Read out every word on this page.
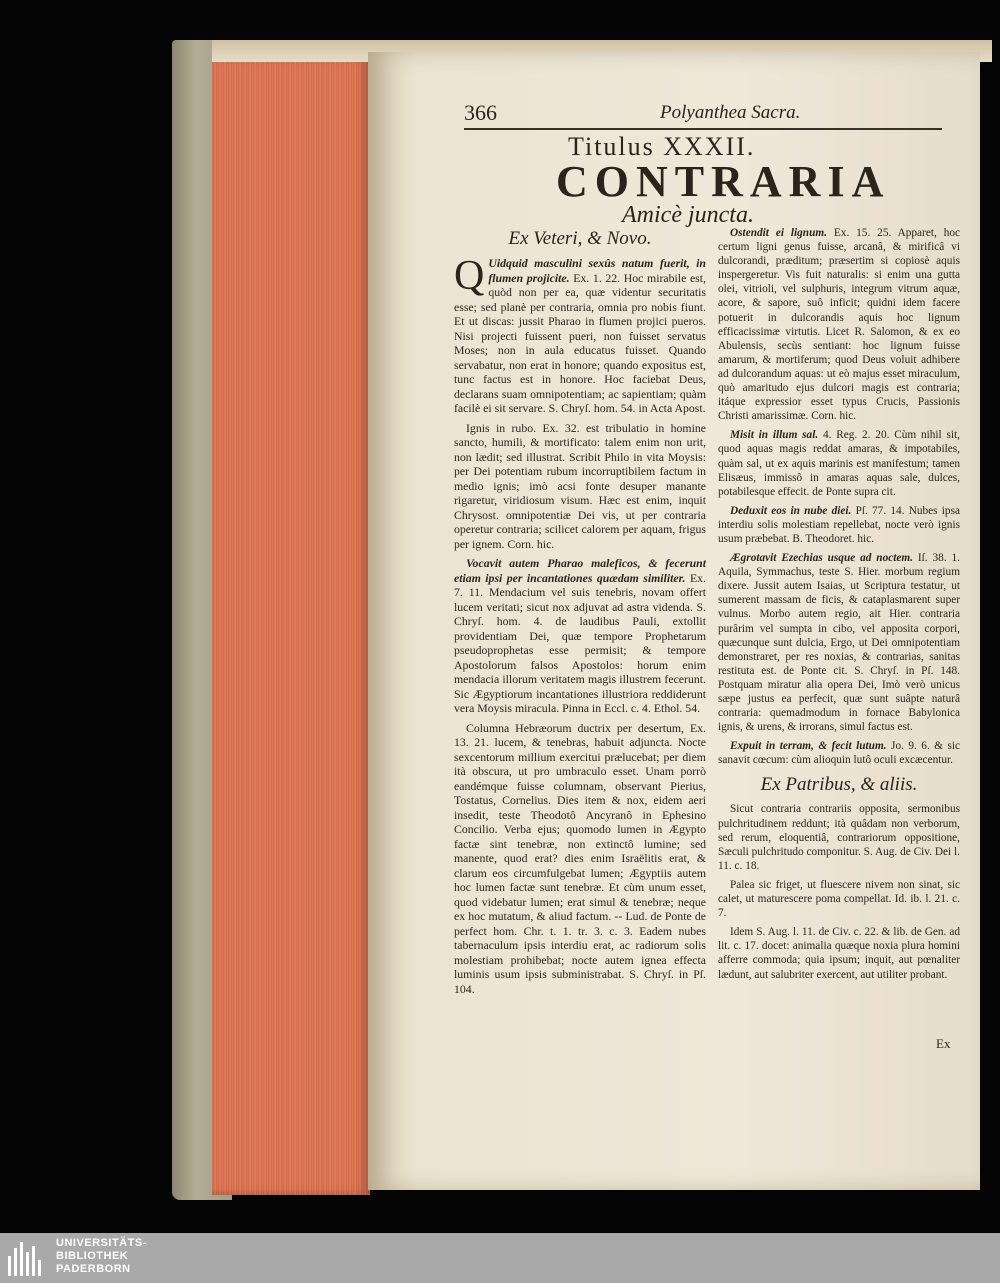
366	Polyanthea Sacra.
Titulus XXXII.
CONTRARIA
Amicè juncta.
Ex Veteri, & Novo.

Q Uidquid masculini sexûs natum fuerit, in flumen projicite. Ex. 1. 22. Hoc mirabile est, quòd non per ea, quæ videntur securitatis esse; sed planè per contraria, omnia pro nobis fiunt. Et ut discas: jussit Pharao in flumen projici pueros. Nisi projecti fuissent pueri, non fuisset servatus Moses; non in aula educatus fuisset. Quando servabatur, non erat in honore; quando expositus est, tunc factus est in honore. Hoc faciebat Deus, declarans suam omnipotentiam; ac sapientiam; quàm facilè ei sit servare. S. Chryſ. hom. 54. in Acta Apost.

Ignis in rubo. Ex. 32. est tribulatio in homine sancto, humili, & mortificato: talem enim non urit, non lædit; sed illustrat. Scribit Philo in vita Moysis: per Dei potentiam rubum incorruptibilem factum in medio ignis; imò acsi fonte desuper manante rigaretur, viridiosum visum. Hæc est enim, inquit Chrysost. omnipotentiæ Dei vis, ut per contraria operetur contraria; scilicet calorem per aquam, frigus per ignem. Corn. hic.

Vocavit autem Pharao maleficos, & fecerunt etiam ipsi per incantationes quædam similiter. Ex. 7. 11. Mendacium vel suis tenebris, novam offert lucem veritati; sicut nox adjuvat ad astra videnda. S. Chryſ. hom. 4. de laudibus Pauli, extollit providentiam Dei, quæ tempore Prophetarum pseudoprophetas esse permisit; & tempore Apostolorum falsos Apostolos: horum enim mendacia illorum veritatem magis illustrem fecerunt. Sic Ægyptiorum incantationes illustriora reddiderunt vera Moysis miracula. Pinna in Eccl. c. 4. Ethol. 54.

Columna Hebræorum ductrix per desertum, Ex. 13. 21. lucem, & tenebras, habuit adjuncta. Nocte sexcentorum millium exercitui prælucebat; per diem ità obscura, ut pro umbraculo esset. Unam porrò eandémque fuisse columnam, observant Pierius, Tostatus, Cornelius. Dies item & nox, eidem aeri insedit, teste Theodotô Ancyranô in Ephesino Concilio. Verba ejus; quomodo lumen in Ægypto factæ sint tenebræ, non extinctô lumine; sed manente, quod erat? dies enim Israëlitis erat, & clarum eos circumfulgebat lumen; Ægyptiis autem hoc lumen factæ sunt tenebræ. Et cùm unum esset, quod videbatur lumen; erat simul & tenebræ; neque ex hoc mutatum, & aliud factum. -- Lud. de Ponte de perfect hom. Chr. t. 1. tr. 3. c. 3. Eadem nubes tabernaculum ipsis interdiu erat, ac radiorum solis molestiam prohibebat; nocte autem ignea effecta luminis usum ipsis subministrabat. S. Chryſ. in Pſ. 104.

Ostendit ei lignum. Ex. 15. 25. Apparet, hoc certum ligni genus fuisse, arcanâ, & mirificâ vi dulcorandi, præditum; præsertim si copiosè aquis inspergeretur. Vis fuit naturalis: si enim una gutta olei, vitrioli, vel sulphuris, integrum vitrum aquæ, acore, & sapore, suô inficit; quidni idem facere potuerit in dulcorandis aquis hoc lignum efficacissimæ virtutis. Licet R. Salomon, & ex eo Abulensis, secùs sentiant: hoc lignum fuisse amarum, & mortiferum; quod Deus voluit adhibere ad dulcorandum aquas: ut eò majus esset miraculum, quò amaritudo ejus dulcori magis est contraria; itáque expressior esset typus Crucis, Passionis Christi amarissimæ. Corn. hic.

Misit in illum sal. 4. Reg. 2. 20. Cùm nihil sit, quod aquas magis reddat amaras, & impotabiles, quàm sal, ut ex aquis marinis est manifestum; tamen Elisæus, immissô in amaras aquas sale, dulces, potabilesque effecit. de Ponte supra cit.

Deduxit eos in nube diei. Pſ. 77. 14. Nubes ipsa interdiu solis molestiam repellebat, nocte verò ignis usum præbebat. B. Theodoret. hic.

Ægrotavit Ezechias usque ad noctem. Iſ. 38. 1. Aquila, Symmachus, teste S. Hier. morbum regium dixere. Jussit autem Isaias, ut Scriptura testatur, ut sumerent massam de ficis, & cataplasmarent super vulnus. Morbo autem regio, ait Hier. contraria purârim vel sumpta in cibo, vel apposita corpori, quæcunque sunt dulcia, Ergo, ut Dei omnipotentiam demonstraret, per res noxias, & contrarias, sanitas restituta est. de Ponte cit. S. Chryſ. in Pſ. 148. Postquam miratur alia opera Dei, Imò verò unicus sæpe justus ea perfecit, quæ sunt suâpte naturâ contraria: quemadmodum in fornace Babylonica ignis, & urens, & irrorans, simul factus est.

Expuit in terram, & fecit lutum. Jo. 9. 6. & sic sanavit cœcum: cùm alioquin lutô oculi excæcentur.

Ex Patribus, & aliis.

Sicut contraria contrariis opposita, sermonibus pulchritudinem reddunt; ità quâdam non verborum, sed rerum, eloquentiâ, contrariorum oppositione, Sæculi pulchritudo componitur. S. Aug. de Civ. Dei l. 11. c. 18.

Palea sic friget, ut fluescere nivem non sinat, sic calet, ut maturescere poma compellat. Id. ib. l. 21. c. 7.

Idem S. Aug. l. 11. de Civ. c. 22. & lib. de Gen. ad lit. c. 17. docet: animalia quæque noxia plura homini afferre commoda; quia ipsum; inquit, aut pœnaliter lædunt, aut salubriter exercent, aut utiliter probant.

Ex
UNIVERSITÄTS-
BIBLIOTHEK
PADERBORN
